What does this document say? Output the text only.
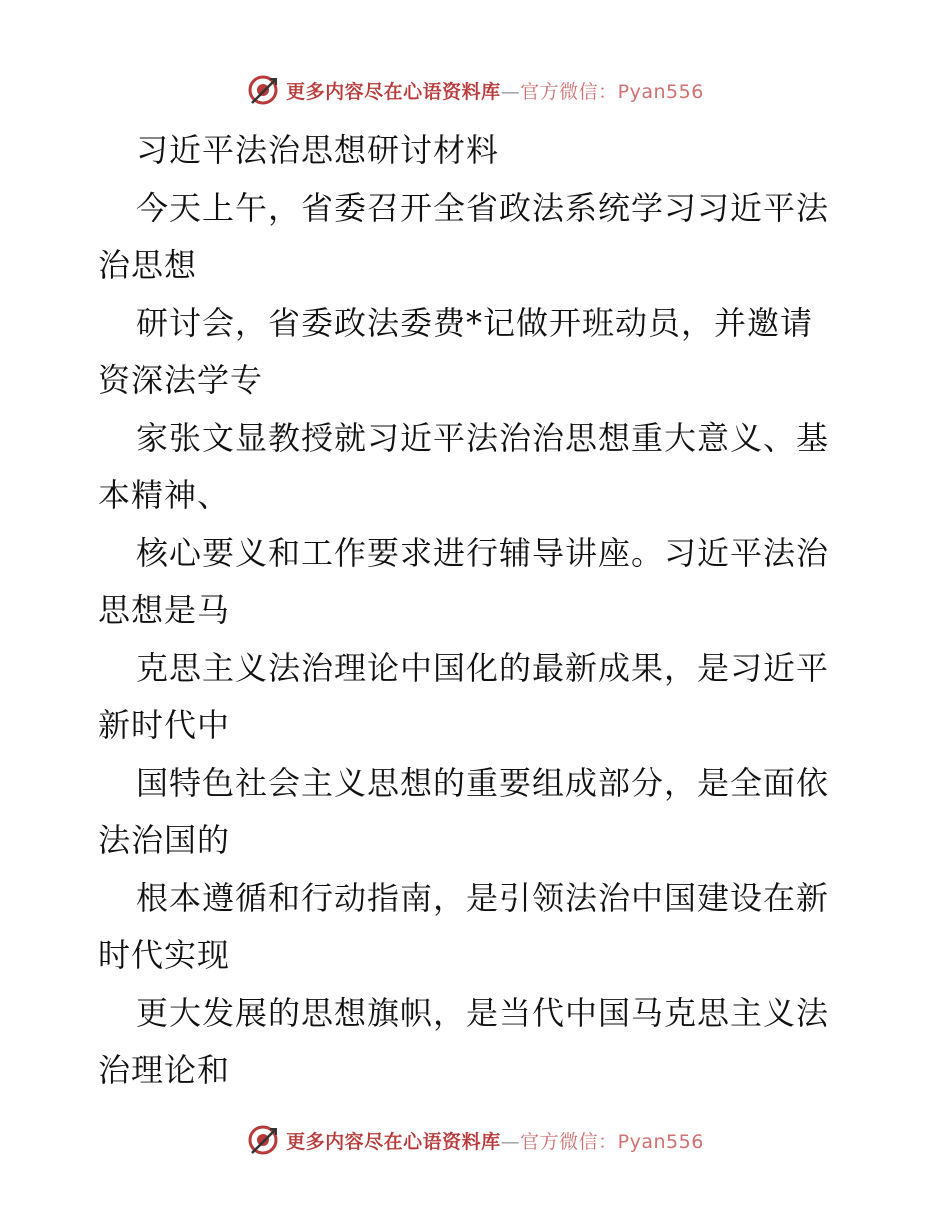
更多内容尽在心语资料库—官方微信：Pyan556
习近平法治思想研讨材料
今天上午，省委召开全省政法系统学习习近平法
治思想
研讨会，省委政法委费*记做开班动员，并邀请
资深法学专
家张文显教授就习近平法治治思想重大意义、基
本精神、
核心要义和工作要求进行辅导讲座。习近平法治
思想是马
克思主义法治理论中国化的最新成果，是习近平
新时代中
国特色社会主义思想的重要组成部分，是全面依
法治国的
根本遵循和行动指南，是引领法治中国建设在新
时代实现
更大发展的思想旗帜，是当代中国马克思主义法
治理论和
更多内容尽在心语资料库—官方微信：Pyan556
